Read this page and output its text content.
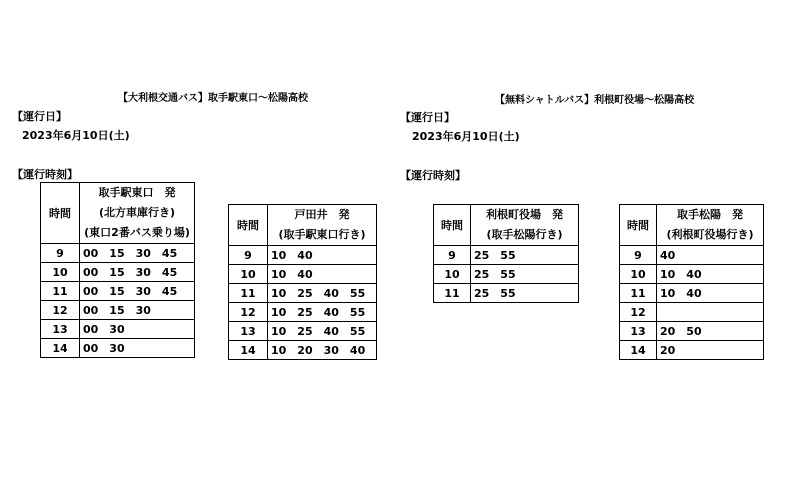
【大利根交通バス】取手駅東口～松陽高校
【運行日】
2023年6月10日(土)
【運行時刻】
時間	取手駅東口　発
(北方車庫行き)
(東口2番バス乗り場)

9	00　15　30　45
10	00　15　30　45
11	00　15　30　45
12	00　15　30
13	00　30
14	00　30
時間	戸田井　発
(取手駅東口行き)

9	10　40
10	10　40
11	10　25　40　55
12	10　25　40　55
13	10　25　40　55
14	10　20　30　40
【無料シャトルバス】利根町役場～松陽高校
【運行日】
2023年6月10日(土)
【運行時刻】
時間	利根町役場　発
(取手松陽行き)

9	25　55
10	25　55
11	25　55
時間	取手松陽　発
(利根町役場行き)

9	40
10	10　40
11	10　40
12	
13	20　50
14	20
